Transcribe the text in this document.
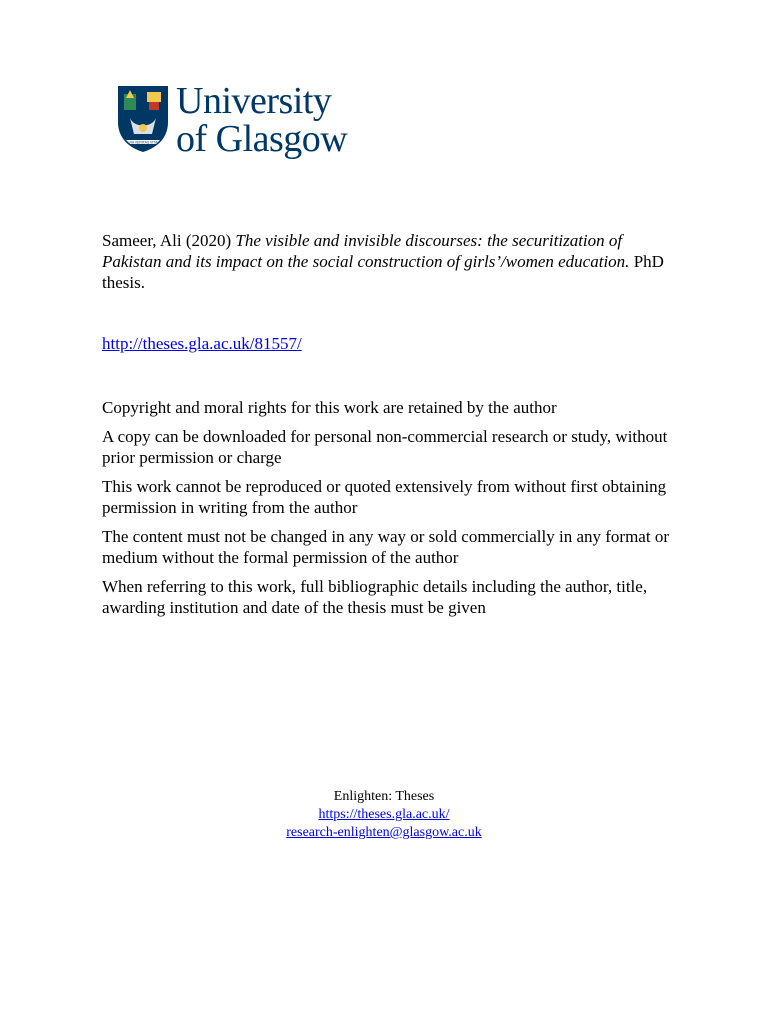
VIA VERITAS VITA
University
of Glasgow
Sameer, Ali (2020) The visible and invisible discourses: the securitization of Pakistan and its impact on the social construction of girls’/women education. PhD thesis.
http://theses.gla.ac.uk/81557/

Copyright and moral rights for this work are retained by the author

A copy can be downloaded for personal non-commercial research or study, without prior permission or charge

This work cannot be reproduced or quoted extensively from without first obtaining permission in writing from the author

The content must not be changed in any way or sold commercially in any format or medium without the formal permission of the author

When referring to this work, full bibliographic details including the author, title, awarding institution and date of the thesis must be given

Enlighten: Theses
https://theses.gla.ac.uk/
research-enlighten@glasgow.ac.uk
